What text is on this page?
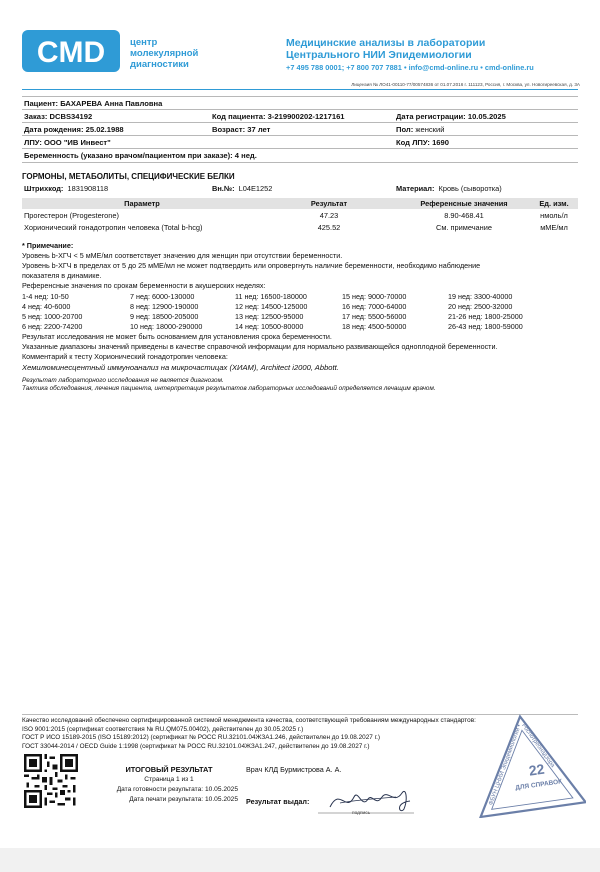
CMD	центр
молекулярной
диагностики
Медицинские анализы в лаборатории
Центрального НИИ Эпидемиологии
+7 495 788 0001; +7 800 707 7881 • info@cmd-online.ru • cmd-online.ru
Лицензия № ЛО41-00110-77/00574836 от 01.07.2016 г. 111123, Россия, г. Москва, ул. Новогиреевская, д. 3А
Пациент: БАХАРЕВА Анна Павловна
Заказ: DCBS34192	Код пациента: 3-219900202-1217161	Дата регистрации: 10.05.2025
Дата рождения: 25.02.1988	Возраст: 37 лет	Пол: женский
ЛПУ: ООО "ИВ Инвест"	Код ЛПУ: 1690
Беременность (указано врачом/пациентом при заказе): 4 нед.
ГОРМОНЫ, МЕТАБОЛИТЫ, СПЕЦИФИЧЕСКИЕ БЕЛКИ
Штрихкод: 1831908118	Вн.№: L04E1252	Материал: Кровь (сыворотка)
Параметр	Результат	Референсные значения	Ед. изм.
Прогестерон (Progesterone)	47.23	8.90-468.41	нмоль/л
Хорионический гонадотропин человека (Total b-hcg)	425.52	См. примечание	мМЕ/мл

* Примечание:

Уровень b-ХГЧ < 5 мМЕ/мл соответствует значению для женщин при отсутствии беременности.

Уровень b-ХГЧ в пределах от 5 до 25 мМЕ/мл не может подтвердить или опровергнуть наличие беременности, необходимо наблюдение

показателя в динамике.

Референсные значения по срокам беременности в акушерских неделях:

1-4 нед: 10-50	7 нед: 6000-130000	11 нед: 16500-180000	15 нед: 9000-70000	19 нед: 3300-40000
4 нед: 40-6000	8 нед: 12900-190000	12 нед: 14500-125000	16 нед: 7000-64000	20 нед: 2500-32000
5 нед: 1000-20700	9 нед: 18500-205000	13 нед: 12500-95000	17 нед: 5500-56000	21-26 нед: 1800-25000
6 нед: 2200-74200	10 нед: 18000-290000	14 нед: 10500-80000	18 нед: 4500-50000	26-43 нед: 1800-59000

Результат исследования не может быть основанием для установления срока беременности.

Указанные диапазоны значений приведены в качестве справочной информации для нормально развивающейся одноплодной беременности.

Комментарий к тесту Хорионический гонадотропин человека:

Хемилюминесцентный иммуноанализ на микрочастицах (ХИАМ), Architect i2000, Abbott.

Результат лабораторного исследования не является диагнозом.

Тактика обследования, лечения пациента, интерпретация результатов лабораторных исследований определяется лечащим врачом.

Качество исследований обеспечено сертифицированной системой менеджмента качества, соответствующей требованиям международных стандартов:

ISO 9001:2015 (сертификат соответствия № RU.QM075.00402), действителен до 30.05.2025 г.)

ГОСТ Р ИСО 15189-2015 (ISO 15189:2012) (сертификат № РОСС RU.32101.04ЖЗА1.246, действителен до 19.08.2027 г.)

ГОСТ 33044-2014 / OECD Guide 1:1998 (сертификат № РОСС RU.32101.04ЖЗА1.247, действителен до 19.08.2027 г.)

ИТОГОВЫЙ РЕЗУЛЬТАТ
Страница 1 из 1
Дата готовности результата: 10.05.2025
Дата печати результата: 10.05.2025
Врач КЛД Бурмистрова А. А.
Результат выдал:
подпись
ФБУН ЦНИИ Эпидемиологии • Роспотребнадзора
22
ДЛЯ СПРАВОК
